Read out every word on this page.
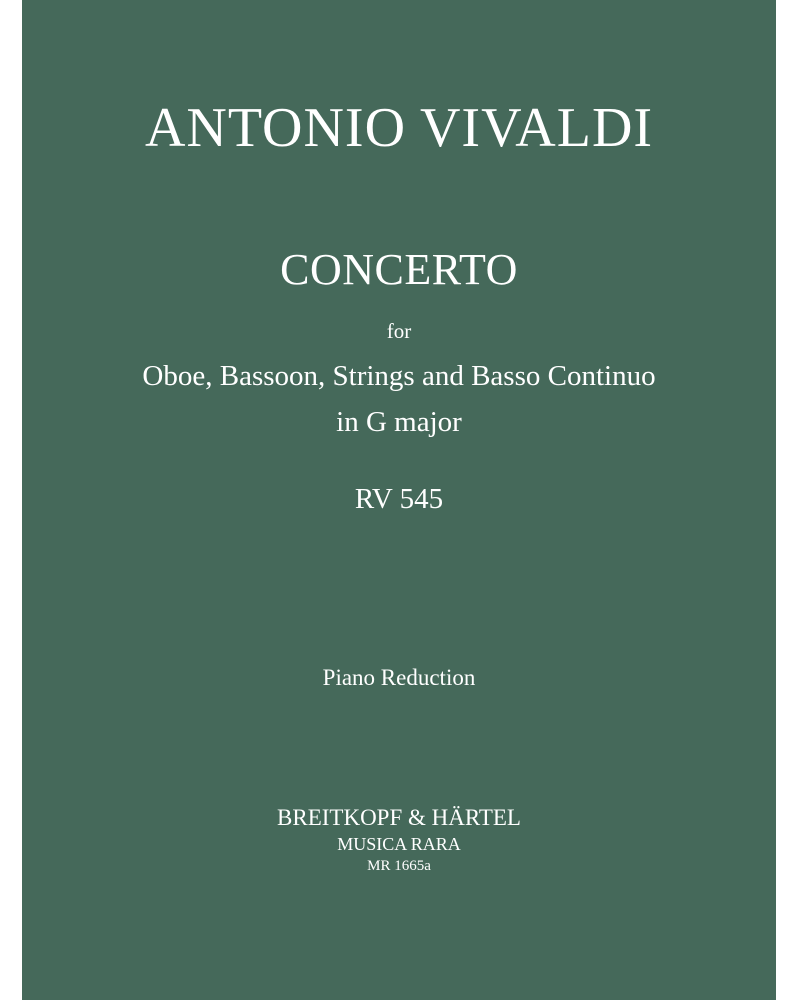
ANTONIO VIVALDI

CONCERTO

for

Oboe, Bassoon, Strings and Basso Continuo

in G major

RV 545

Piano Reduction

BREITKOPF & HÄRTEL

MUSICA RARA

MR 1665a
